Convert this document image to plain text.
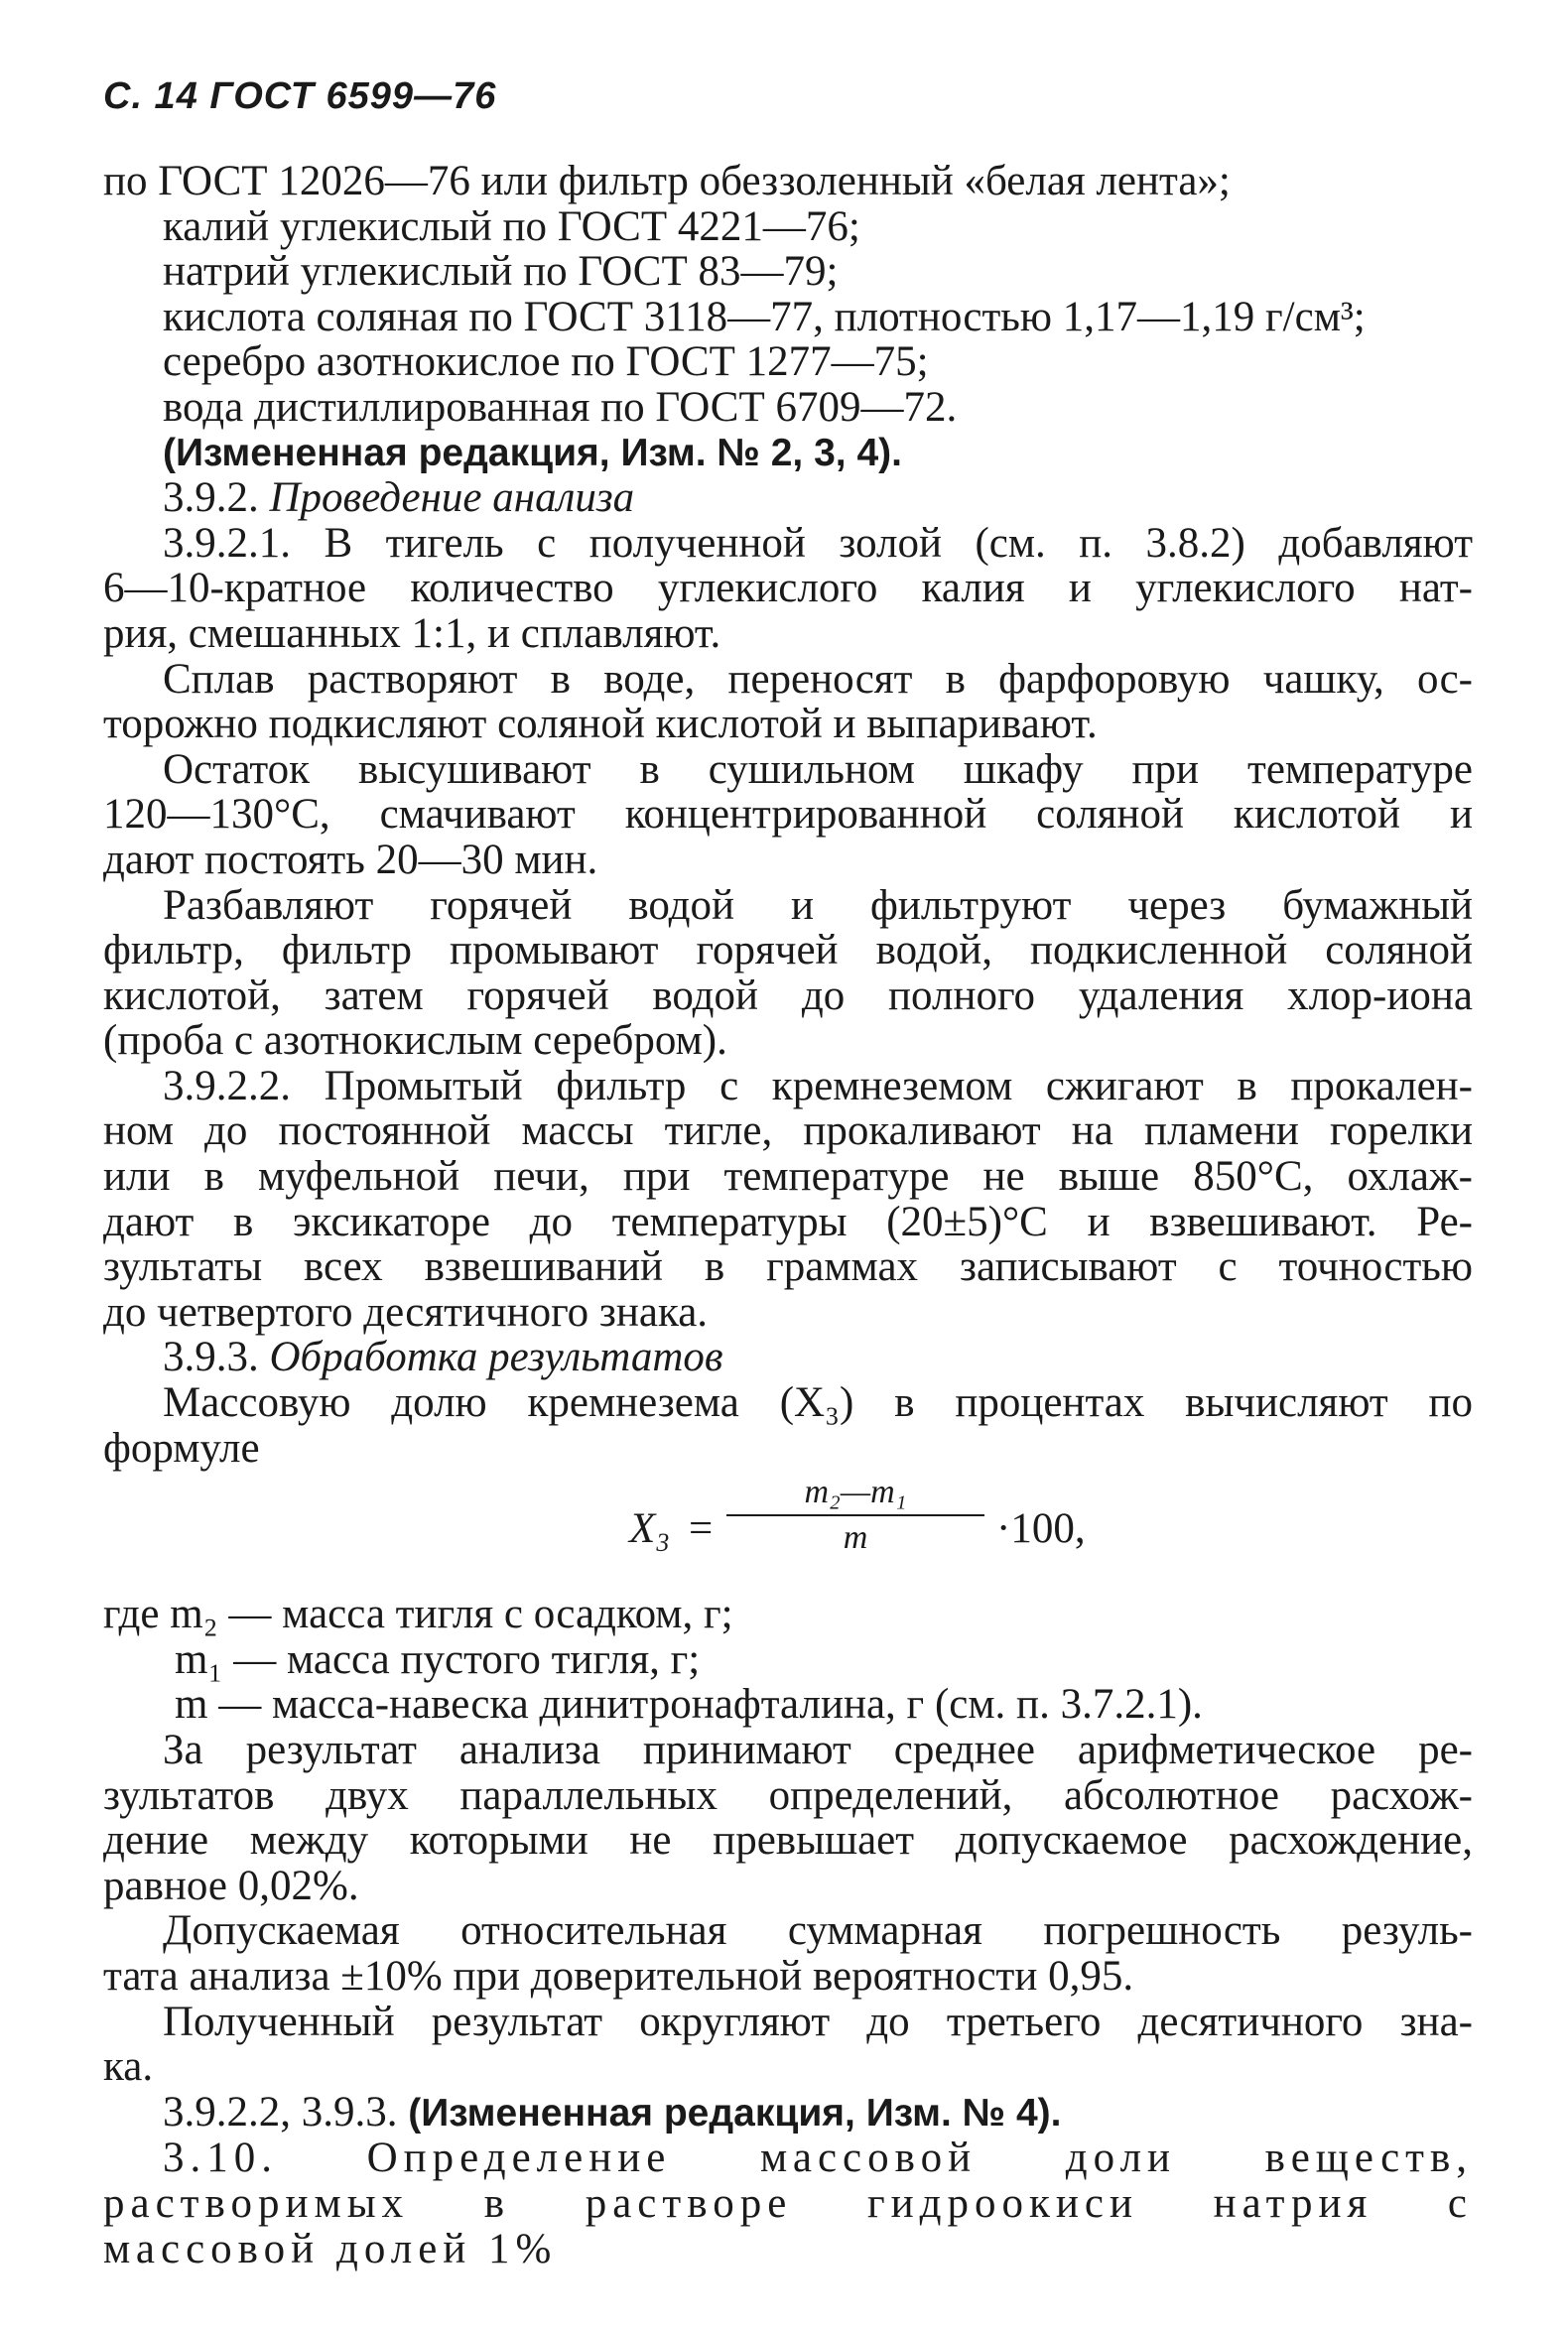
С. 14 ГОСТ 6599—76
по ГОСТ 12026—76 или фильтр обеззоленный «белая лента»;
калий углекислый по ГОСТ 4221—76;
натрий углекислый по ГОСТ 83—79;
кислота соляная по ГОСТ 3118—77, плотностью 1,17—1,19 г/см³;
серебро азотнокислое по ГОСТ 1277—75;
вода дистиллированная по ГОСТ 6709—72.
(Измененная редакция, Изм. № 2, 3, 4).
3.9.2. Проведение анализа
3.9.2.1. В тигель с полученной золой (см. п. 3.8.2) добавляют
6—10-кратное количество углекислого калия и углекислого нат-
рия, смешанных 1:1, и сплавляют.
Сплав растворяют в воде, переносят в фарфоровую чашку, ос-
торожно подкисляют соляной кислотой и выпаривают.
Остаток высушивают в сушильном шкафу при температуре
120—130°С, смачивают концентрированной соляной кислотой и
дают постоять 20—30 мин.
Разбавляют горячей водой и фильтруют через бумажный
фильтр, фильтр промывают горячей водой, подкисленной соляной
кислотой, затем горячей водой до полного удаления хлор-иона
(проба с азотнокислым серебром).
3.9.2.2. Промытый фильтр с кремнеземом сжигают в прокален-
ном до постоянной массы тигле, прокаливают на пламени горелки
или в муфельной печи, при температуре не выше 850°С, охлаж-
дают в эксикаторе до температуры (20±5)°С и взвешивают. Ре-
зультаты всех взвешиваний в граммах записывают с точностью
до четвертого десятичного знака.
3.9.3. Обработка результатов
Массовую долю кремнезема (X₃) в процентах вычисляют по
формуле
$X_3 = \frac{\text{m₂—m₁}}{m} \cdot 100$,
где m₂ — масса тигля с осадком, г;
m₁ — масса пустого тигля, г;
m — масса-навеска динитронафталина, г (см. п. 3.7.2.1).
За результат анализа принимают среднее арифметическое ре-
зультатов двух параллельных определений, абсолютное расхож-
дение между которыми не превышает допускаемое расхождение,
равное 0,02%.
Допускаемая относительная суммарная погрешность резуль-
тата анализа ±10% при доверительной вероятности 0,95.
Полученный результат округляют до третьего десятичного зна-
ка.
3.9.2.2, 3.9.3. (Измененная редакция, Изм. № 4).
3.10. Определение массовой доли веществ,
растворимых в растворе гидроокиси натрия с
массовой долей 1%
